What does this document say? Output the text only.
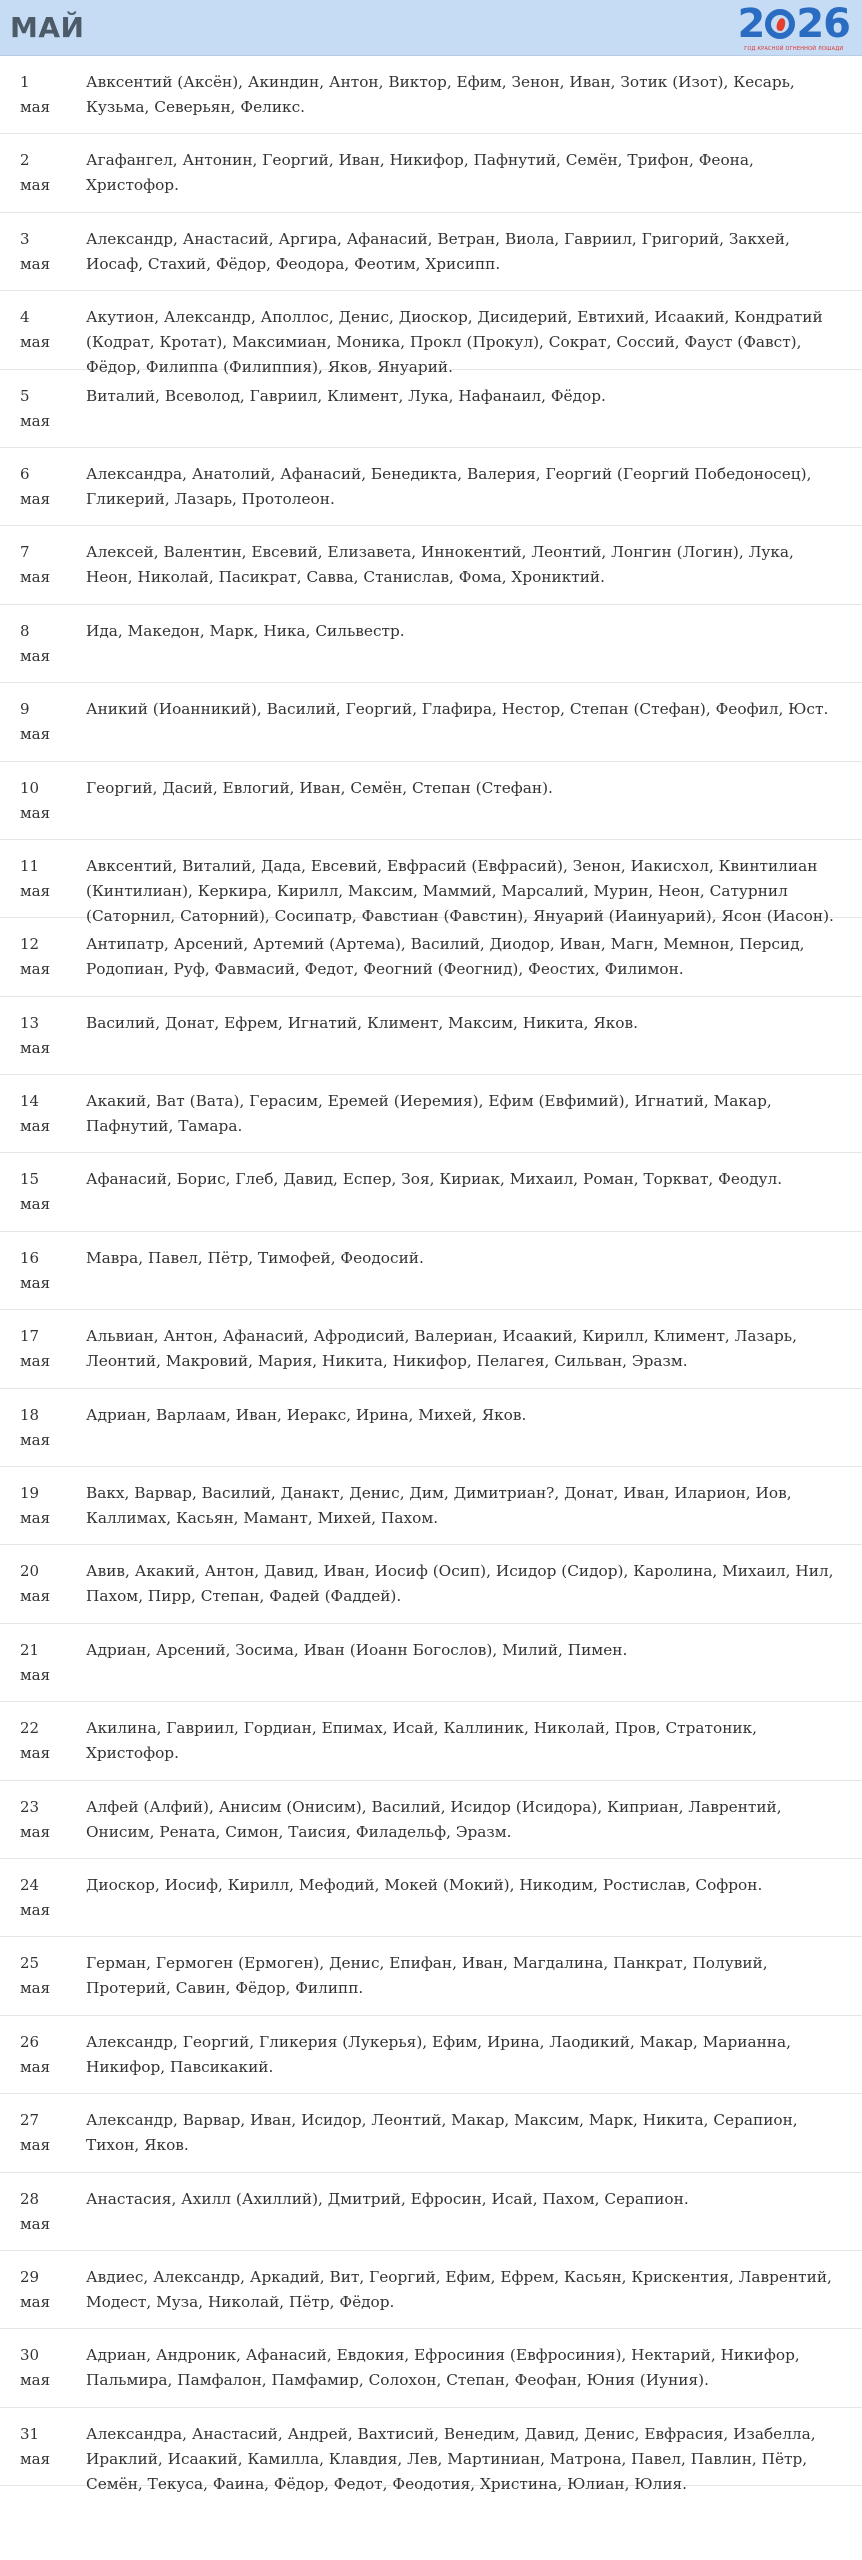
МАЙ	2 26
ГОД КРАСНОЙ ОГНЕННОЙ ЛОШАДИ
1
мая
Авксентий (Аксён), Акиндин, Антон, Виктор, Ефим, Зенон, Иван, Зотик (Изот), Кесарь, Кузьма, Северьян, Феликс.
2
мая
Агафангел, Антонин, Георгий, Иван, Никифор, Пафнутий, Семён, Трифон, Феона, Христофор.
3
мая
Александр, Анастасий, Аргира, Афанасий, Ветран, Виола, Гавриил, Григорий, Закхей, Иосаф, Стахий, Фёдор, Феодора, Феотим, Хрисипп.
4
мая
Акутион, Александр, Аполлос, Денис, Диоскор, Дисидерий, Евтихий, Исаакий, Кондратий (Кодрат, Кротат), Максимиан, Моника, Прокл (Прокул), Сократ, Соссий, Фауст (Фавст), Фёдор, Филиппа (Филиппия), Яков, Януарий.
5
мая
Виталий, Всеволод, Гавриил, Климент, Лука, Нафанаил, Фёдор.
6
мая
Александра, Анатолий, Афанасий, Бенедикта, Валерия, Георгий (Георгий Победоносец), Гликерий, Лазарь, Протолеон.
7
мая
Алексей, Валентин, Евсевий, Елизавета, Иннокентий, Леонтий, Лонгин (Логин), Лука, Неон, Николай, Пасикрат, Савва, Станислав, Фома, Хрониктий.
8
мая
Ида, Македон, Марк, Ника, Сильвестр.
9
мая
Аникий (Иоанникий), Василий, Георгий, Глафира, Нестор, Степан (Стефан), Феофил, Юст.
10
мая
Георгий, Дасий, Евлогий, Иван, Семён, Степан (Стефан).
11
мая
Авксентий, Виталий, Дада, Евсевий, Евфрасий (Евфрасий), Зенон, Иакисхол, Квинтилиан (Кинтилиан), Керкира, Кирилл, Максим, Маммий, Марсалий, Мурин, Неон, Сатурнил (Саторнил, Саторний), Сосипатр, Фавстиан (Фавстин), Януарий (Иаинуарий), Ясон (Иасон).
12
мая
Антипатр, Арсений, Артемий (Артема), Василий, Диодор, Иван, Магн, Мемнон, Персид, Родопиан, Руф, Фавмасий, Федот, Феогний (Феогнид), Феостих, Филимон.
13
мая
Василий, Донат, Ефрем, Игнатий, Климент, Максим, Никита, Яков.
14
мая
Акакий, Ват (Вата), Герасим, Еремей (Иеремия), Ефим (Евфимий), Игнатий, Макар, Пафнутий, Тамара.
15
мая
Афанасий, Борис, Глеб, Давид, Еспер, Зоя, Кириак, Михаил, Роман, Торкват, Феодул.
16
мая
Мавра, Павел, Пётр, Тимофей, Феодосий.
17
мая
Альвиан, Антон, Афанасий, Афродисий, Валериан, Исаакий, Кирилл, Климент, Лазарь, Леонтий, Макровий, Мария, Никита, Никифор, Пелагея, Сильван, Эразм.
18
мая
Адриан, Варлаам, Иван, Иеракс, Ирина, Михей, Яков.
19
мая
Вакх, Варвар, Василий, Данакт, Денис, Дим, Димитриан?, Донат, Иван, Иларион, Иов, Каллимах, Касьян, Мамант, Михей, Пахом.
20
мая
Авив, Акакий, Антон, Давид, Иван, Иосиф (Осип), Исидор (Сидор), Каролина, Михаил, Нил, Пахом, Пирр, Степан, Фадей (Фаддей).
21
мая
Адриан, Арсений, Зосима, Иван (Иоанн Богослов), Милий, Пимен.
22
мая
Акилина, Гавриил, Гордиан, Епимах, Исай, Каллиник, Николай, Пров, Стратоник, Христофор.
23
мая
Алфей (Алфий), Анисим (Онисим), Василий, Исидор (Исидора), Киприан, Лаврентий, Онисим, Рената, Симон, Таисия, Филадельф, Эразм.
24
мая
Диоскор, Иосиф, Кирилл, Мефодий, Мокей (Мокий), Никодим, Ростислав, Софрон.
25
мая
Герман, Гермоген (Ермоген), Денис, Епифан, Иван, Магдалина, Панкрат, Полувий, Протерий, Савин, Фёдор, Филипп.
26
мая
Александр, Георгий, Гликерия (Лукерья), Ефим, Ирина, Лаодикий, Макар, Марианна, Никифор, Павсикакий.
27
мая
Александр, Варвар, Иван, Исидор, Леонтий, Макар, Максим, Марк, Никита, Серапион, Тихон, Яков.
28
мая
Анастасия, Ахилл (Ахиллий), Дмитрий, Ефросин, Исай, Пахом, Серапион.
29
мая
Авдиес, Александр, Аркадий, Вит, Георгий, Ефим, Ефрем, Касьян, Крискентия, Лаврентий, Модест, Муза, Николай, Пётр, Фёдор.
30
мая
Адриан, Андроник, Афанасий, Евдокия, Ефросиния (Евфросиния), Нектарий, Никифор, Пальмира, Памфалон, Памфамир, Солохон, Степан, Феофан, Юния (Иуния).
31
мая
Александра, Анастасий, Андрей, Вахтисий, Венедим, Давид, Денис, Евфрасия, Изабелла, Ираклий, Исаакий, Камилла, Клавдия, Лев, Мартиниан, Матрона, Павел, Павлин, Пётр, Семён, Текуса, Фаина, Фёдор, Федот, Феодотия, Христина, Юлиан, Юлия.
